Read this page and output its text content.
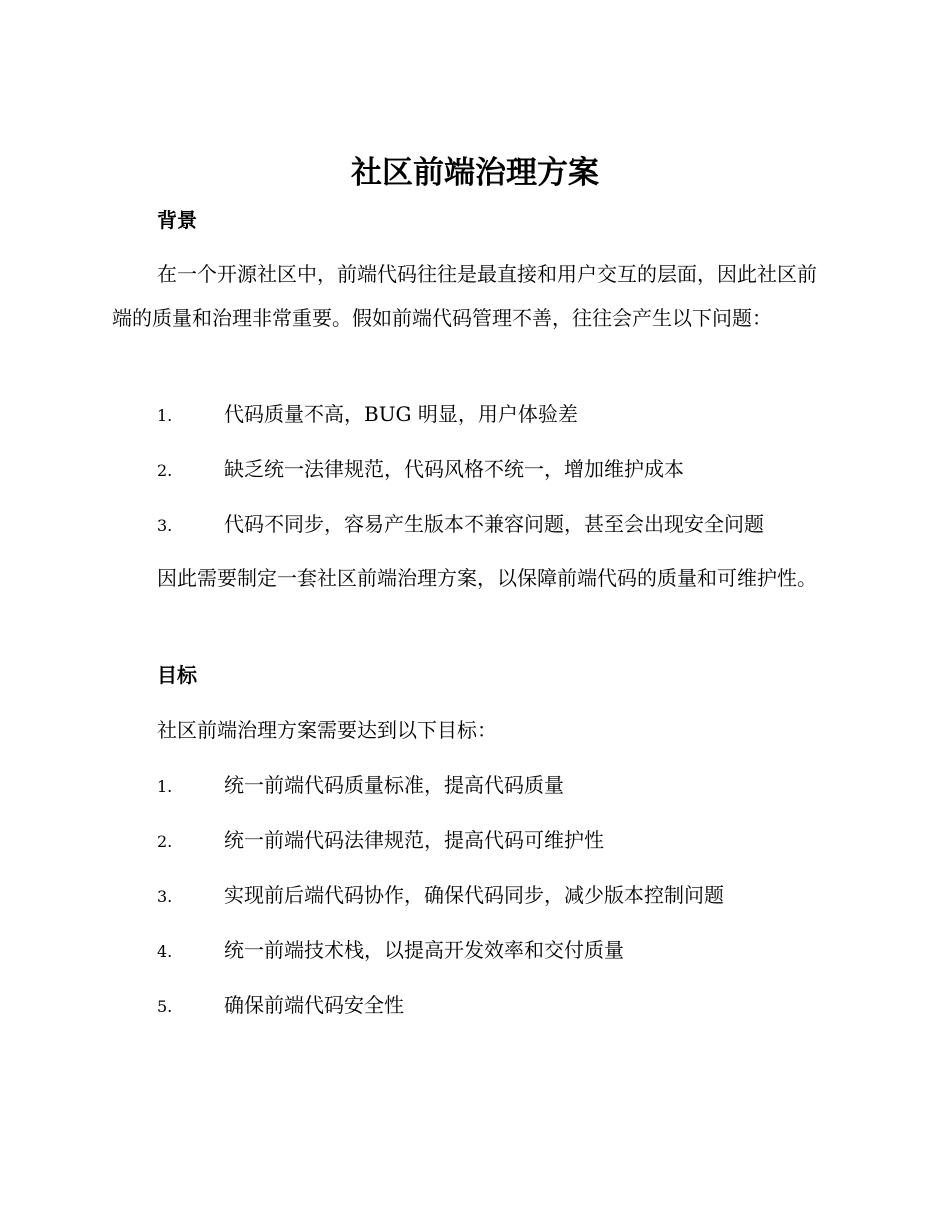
社区前端治理方案
背景

在一个开源社区中，前端代码往往是最直接和用户交互的层面，因此社区前端的质量和治理非常重要。假如前端代码管理不善，往往会产生以下问题：

1.	代码质量不高，BUG 明显，用户体验差
2.	缺乏统一法律规范，代码风格不统一，增加维护成本
3.	代码不同步，容易产生版本不兼容问题，甚至会出现安全问题

因此需要制定一套社区前端治理方案，以保障前端代码的质量和可维护性。

目标

社区前端治理方案需要达到以下目标：

1.	统一前端代码质量标准，提高代码质量
2.	统一前端代码法律规范，提高代码可维护性
3.	实现前后端代码协作，确保代码同步，减少版本控制问题
4.	统一前端技术栈，以提高开发效率和交付质量
5.	确保前端代码安全性
